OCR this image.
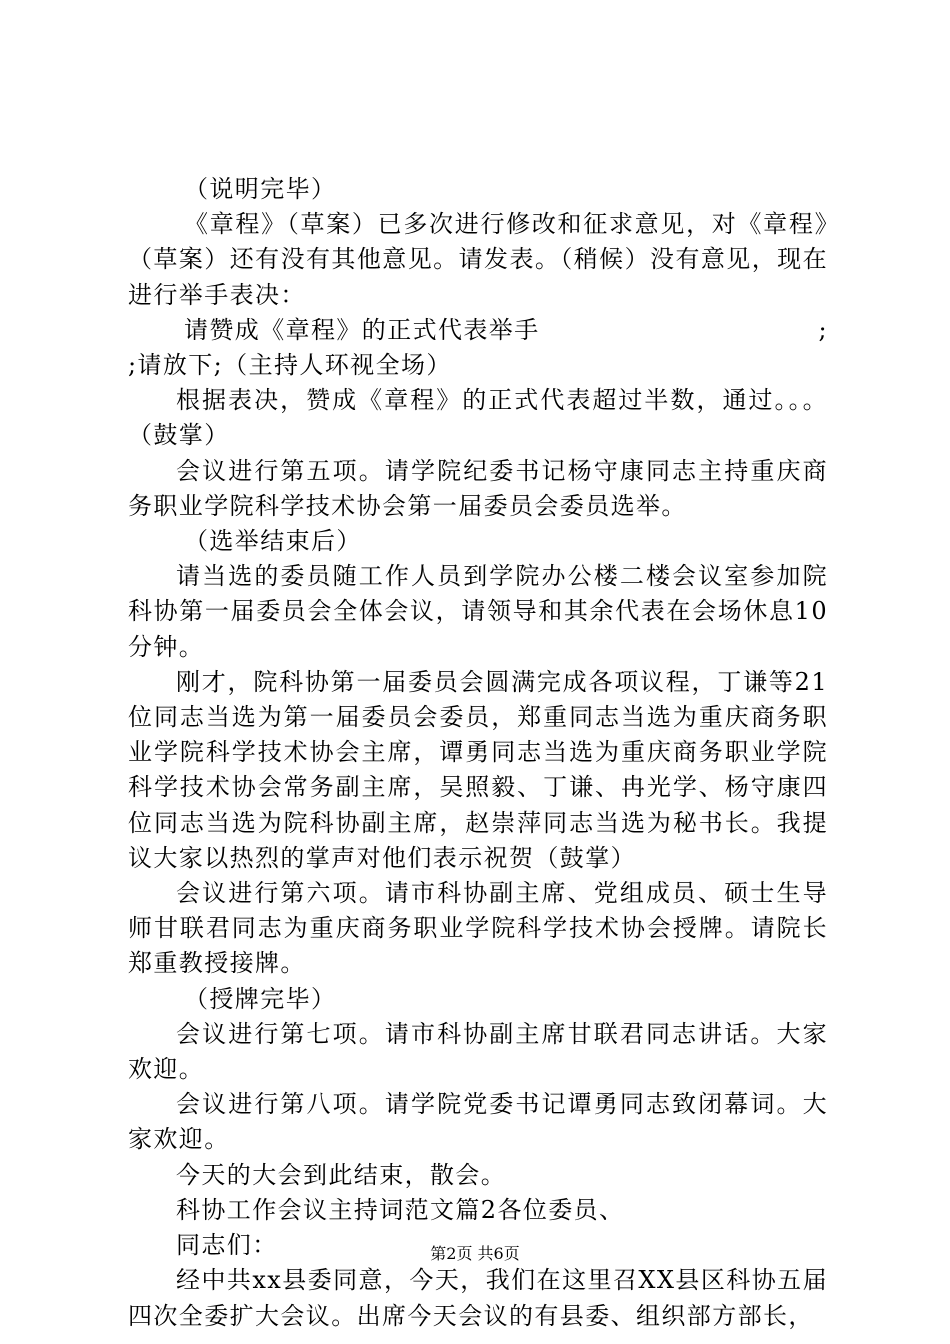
（说明完毕）

《章程》（草案）已多次进行修改和征求意见，对《章程》（草案）还有没有其他意见。请发表。（稍候）没有意见，现在进行举手表决：

请赞成《章程》的正式代表举手	;

;请放下;（主持人环视全场）

根据表决，赞成《章程》的正式代表超过半数，通过。。。（鼓掌）

会议进行第五项。请学院纪委书记杨守康同志主持重庆商务职业学院科学技术协会第一届委员会委员选举。

（选举结束后）

请当选的委员随工作人员到学院办公楼二楼会议室参加院科协第一届委员会全体会议，请领导和其余代表在会场休息10分钟。

刚才，院科协第一届委员会圆满完成各项议程，丁谦等21位同志当选为第一届委员会委员，郑重同志当选为重庆商务职业学院科学技术协会主席，谭勇同志当选为重庆商务职业学院科学技术协会常务副主席，吴照毅、丁谦、冉光学、杨守康四位同志当选为院科协副主席，赵崇萍同志当选为秘书长。我提议大家以热烈的掌声对他们表示祝贺（鼓掌）

会议进行第六项。请市科协副主席、党组成员、硕士生导师甘联君同志为重庆商务职业学院科学技术协会授牌。请院长郑重教授接牌。

（授牌完毕）

会议进行第七项。请市科协副主席甘联君同志讲话。大家欢迎。

会议进行第八项。请学院党委书记谭勇同志致闭幕词。大家欢迎。

今天的大会到此结束，散会。

科协工作会议主持词范文篇2各位委员、

同志们：

经中共xx县委同意，今天，我们在这里召XX县区科协五届四次全委扩大会议。出席今天会议的有县委、组织部方部长，

第2页 共6页
